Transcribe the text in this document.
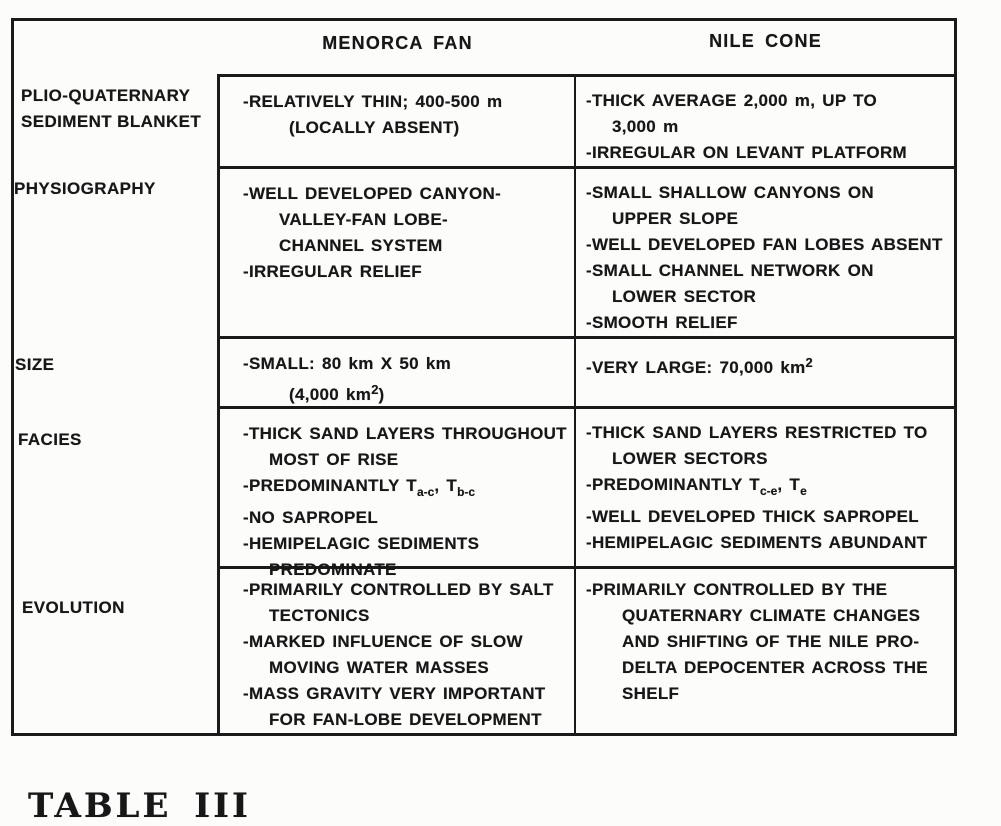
MENORCA FAN	NILE CONE
PLIO-QUATERNARY SEDIMENT BLANKET
PHYSIOGRAPHY
SIZE
FACIES
EVOLUTION
-RELATIVELY THIN; 400-500 m
(LOCALLY ABSENT)
-THICK AVERAGE 2,000 m, UP TO
3,000 m
-IRREGULAR ON LEVANT PLATFORM
-WELL DEVELOPED CANYON-
VALLEY-FAN LOBE-
CHANNEL SYSTEM
-IRREGULAR RELIEF
-SMALL SHALLOW CANYONS ON
UPPER SLOPE
-WELL DEVELOPED FAN LOBES ABSENT
-SMALL CHANNEL NETWORK ON
LOWER SECTOR
-SMOOTH RELIEF
-SMALL: 80 km X 50 km
(4,000 $km^2$)
-VERY LARGE: 70,000 $km^2$
-THICK SAND LAYERS THROUGHOUT
MOST OF RISE
-PREDOMINANTLY $T_{a-c}$, $T_{b-c}$
-NO SAPROPEL
-HEMIPELAGIC SEDIMENTS
PREDOMINATE
-THICK SAND LAYERS RESTRICTED TO
LOWER SECTORS
-PREDOMINANTLY $T_{c-e}$, $T_e$
-WELL DEVELOPED THICK SAPROPEL
-HEMIPELAGIC SEDIMENTS ABUNDANT
-PRIMARILY CONTROLLED BY SALT
TECTONICS
-MARKED INFLUENCE OF SLOW
MOVING WATER MASSES
-MASS GRAVITY VERY IMPORTANT
FOR FAN-LOBE DEVELOPMENT
-PRIMARILY CONTROLLED BY THE
QUATERNARY CLIMATE CHANGES
AND SHIFTING OF THE NILE PRO-
DELTA DEPOCENTER ACROSS THE
SHELF
TABLE III
